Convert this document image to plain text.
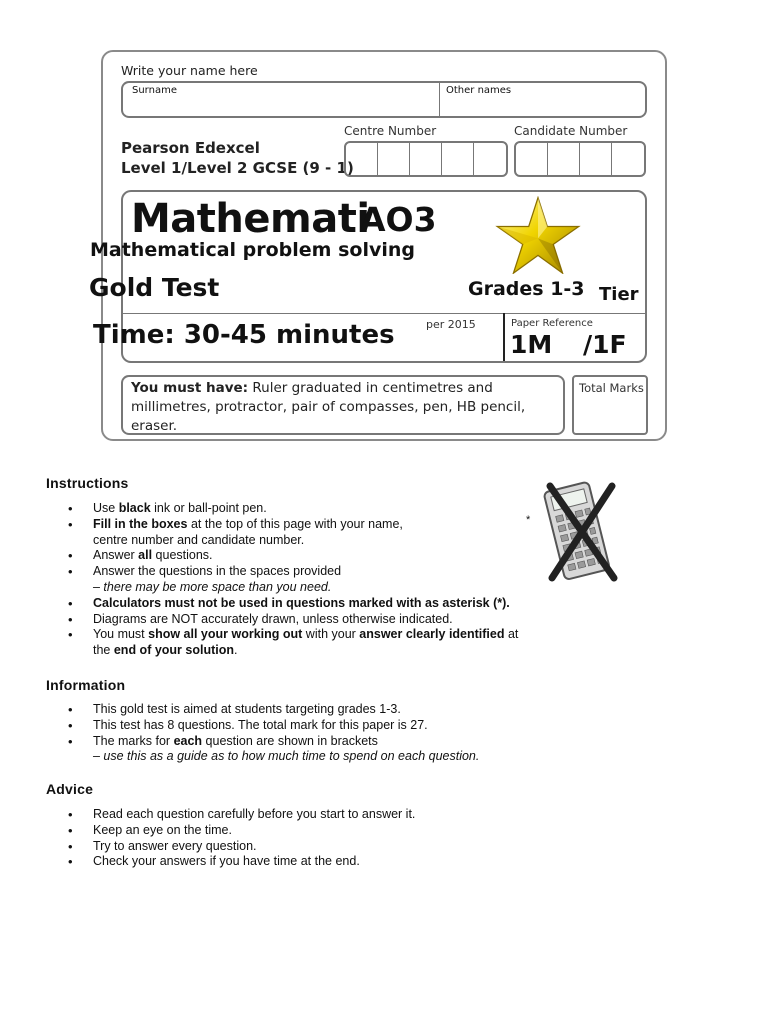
Write your name here
Surname	Other names
Pearson Edexcel
Level 1/Level 2 GCSE (9 - 1)
Centre Number	Candidate Number
Mathemati
AO3
Mathematical problem solving
Gold Test	Grades 1-3 Tier
Time: 30-45 minutes	per 2015	Paper Reference
1M /1F
You must have: Ruler graduated in centimetres and millimetres, protractor, pair of compasses, pen, HB pencil, eraser.
Total Marks
Instructions
• Use black ink or ball-point pen.
• Fill in the boxes at the top of this page with your name,
centre number and candidate number.
• Answer all questions.
• Answer the questions in the spaces provided
– there may be more space than you need.
• Calculators must not be used in questions marked with as asterisk (*).
• Diagrams are NOT accurately drawn, unless otherwise indicated.
• You must show all your working out with your answer clearly identified at
the end of your solution.
*
Information
• This gold test is aimed at students targeting grades 1-3.
• This test has 8 questions. The total mark for this paper is 27.
• The marks for each question are shown in brackets
– use this as a guide as to how much time to spend on each question.
Advice
• Read each question carefully before you start to answer it.
• Keep an eye on the time.
• Try to answer every question.
• Check your answers if you have time at the end.
